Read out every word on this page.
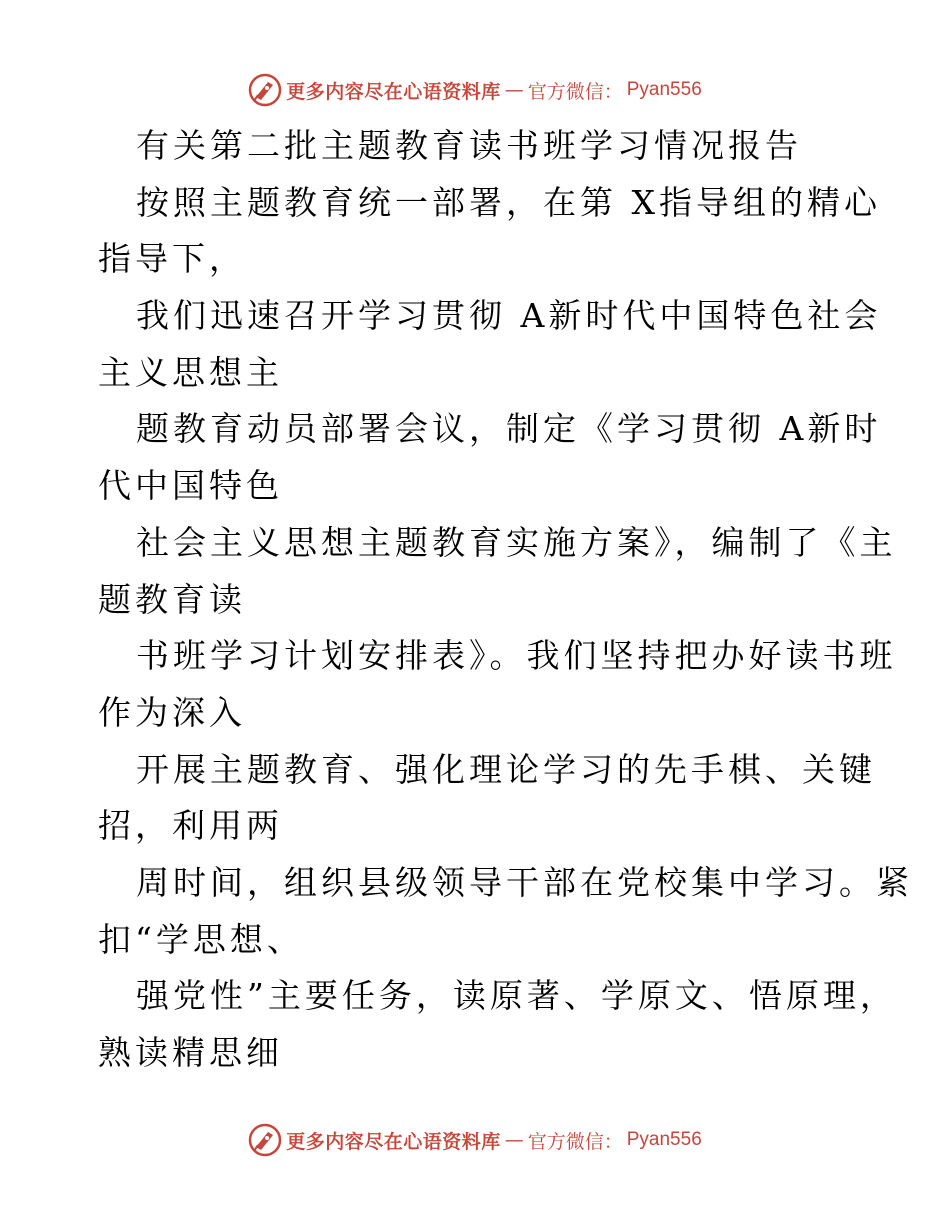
更多内容尽在心语资料库 — 官方微信： Pyan556
有关第二批主题教育读书班学习情况报告
按照主题教育统一部署，在第 X指导组的精心
指导下，
我们迅速召开学习贯彻 A新时代中国特色社会
主义思想主
题教育动员部署会议，制定《学习贯彻 A新时
代中国特色
社会主义思想主题教育实施方案》，编制了《主
题教育读
书班学习计划安排表》。我们坚持把办好读书班
作为深入
开展主题教育、强化理论学习的先手棋、关键
招，利用两
周时间，组织县级领导干部在党校集中学习。紧
扣“学思想、
强党性”主要任务，读原著、学原文、悟原理，
熟读精思细
更多内容尽在心语资料库 — 官方微信： Pyan556
